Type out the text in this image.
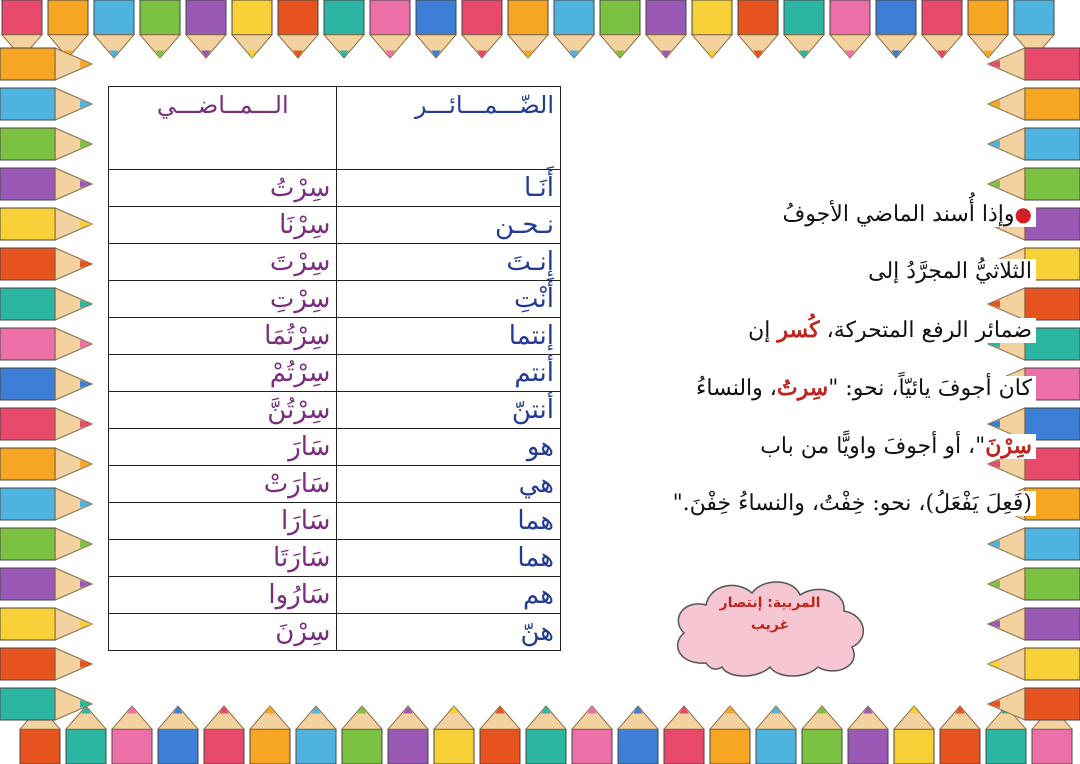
الـــمــاضـــي	الضّـــمـــائـــر
سِرْتُ	أَنَـا
سِرْنَا	نـحـن
سِرْتَ	إِنـتَ
سِرْتِ	أنْتِ
سِرْتُمَا	إنتما
سِرْتُمْ	أنتم
سِرْتُنَّ	أنتنّ
سَارَ	هو
سَارَتْ	هي
سَارَا	هما
سَارَتَا	هما
سَارُوا	هم
سِرْنَ	هنّ
●وإذا أُسند الماضي الأجوفُ
الثلاثيُّ المجرَّدُ إلى
ضمائر الرفع المتحركة، كُسر إن
كان أجوفَ يائيّاً، نحو: "سِرتُ، والنساءُ
سِرْنَ"، أو أجوفَ واويًّا من باب
(فَعِلَ يَفْعَلُ)، نحو: خِفْتُ، والنساءُ خِفْنَ."
المربية: إنتصار
غريب
